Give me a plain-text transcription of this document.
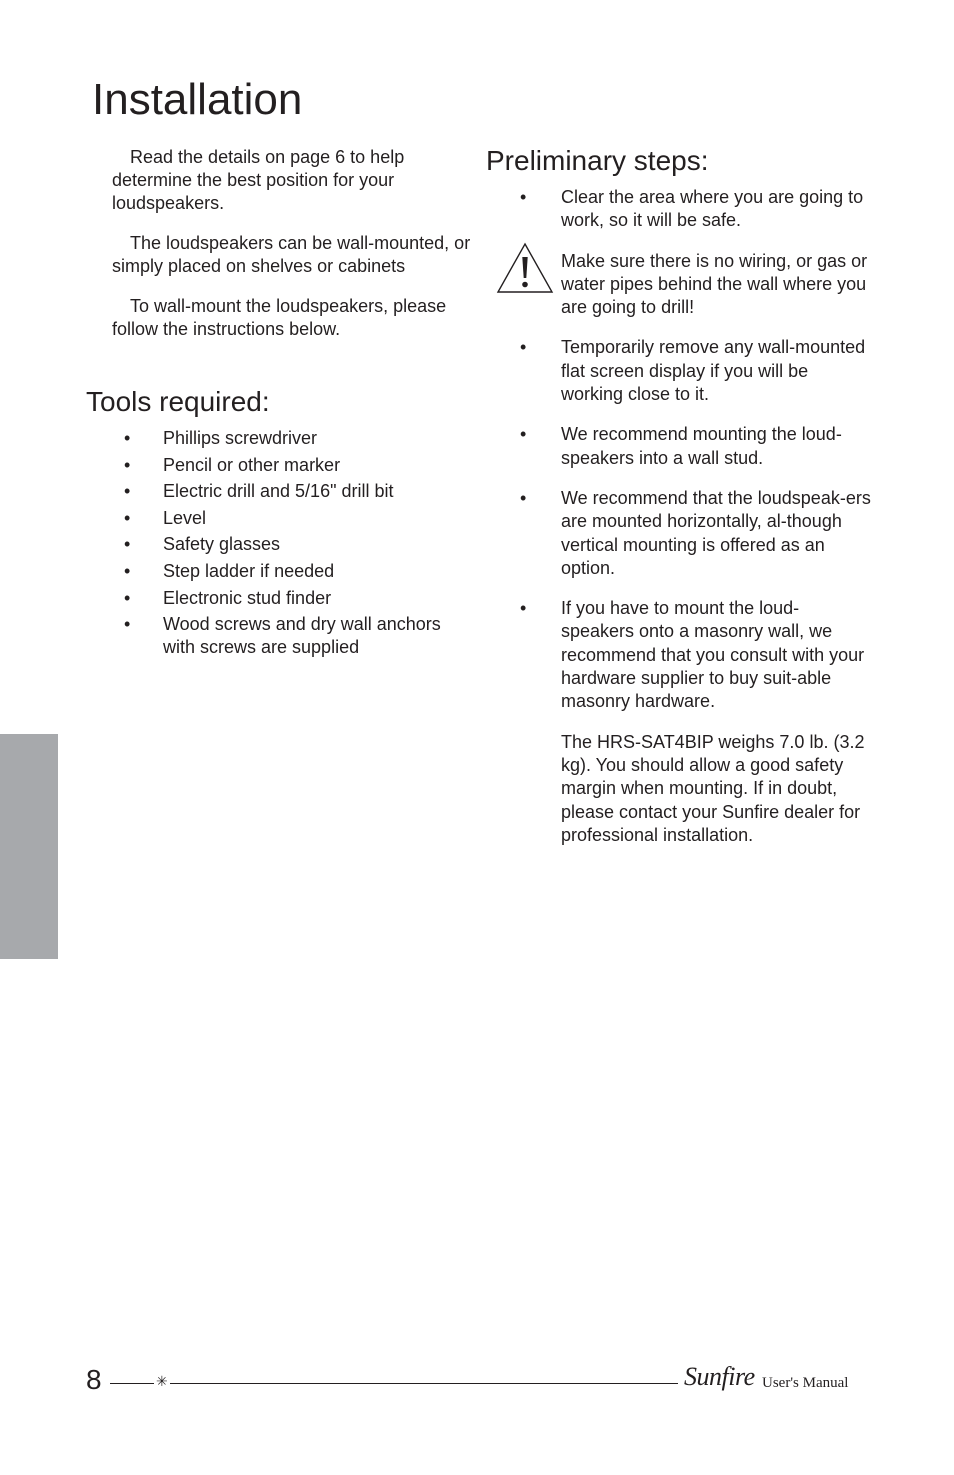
Installation

Read the details on page 6 to help determine the best position for your loudspeakers.

The loudspeakers can be wall-mounted, or simply placed on shelves or cabinets

To wall-mount the loudspeakers, please follow the instructions below.

Tools required:
•	Phillips screwdriver
•	Pencil or other marker
•	Electric drill and 5/16" drill bit
•	Level
•	Safety glasses
•	Step ladder if needed
•	Electronic stud finder
•	Wood screws and dry wall anchors with screws are supplied
Preliminary steps:
•	Clear the area where you are going to work, so it will be safe.
Make sure there is no wiring, or gas or water pipes behind the wall where you are going to drill!
•	Temporarily remove any wall-mounted flat screen display if you will be working close to it.
•	We recommend mounting the loud-speakers into a wall stud.
•	We recommend that the loudspeak-ers are mounted horizontally, al-though vertical mounting is offered as an option.
•	If you have to mount the loud-speakers onto a masonry wall, we recommend that you consult with your hardware supplier to buy suit-able masonry hardware.
The HRS-SAT4BIP weighs 7.0 lb. (3.2 kg). You should allow a good safety margin when mounting. If in doubt, please contact your Sunfire dealer for professional installation.
8	✳	Sunfire User's Manual
